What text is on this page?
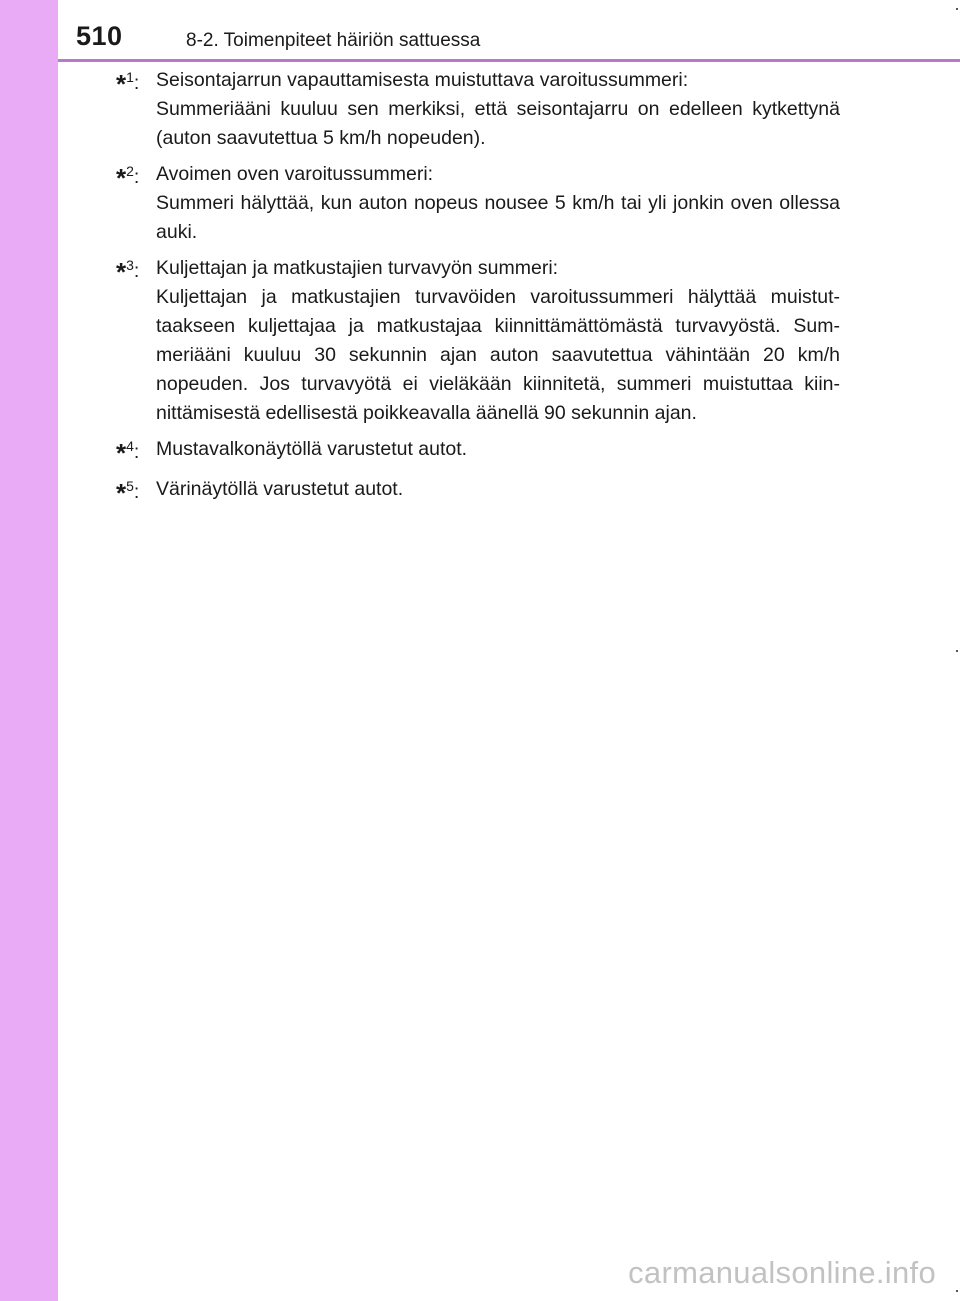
510	8-2. Toimenpiteet häiriön sattuessa
*$^1$: Seisontajarrun vapauttamisesta muistuttava varoitussummeri:
Summeriääni kuuluu sen merkiksi, että seisontajarru on edelleen kytkettynä (auton saavutettua 5 km/h nopeuden).
*$^2$: Avoimen oven varoitussummeri:
Summeri hälyttää, kun auton nopeus nousee 5 km/h tai yli jonkin oven ollessa auki.
*$^3$: Kuljettajan ja matkustajien turvavyön summeri:
Kuljettajan ja matkustajien turvavöiden varoitussummeri hälyttää muistuttaakseen kuljettajaa ja matkustajaa kiinnittämättömästä turvavyöstä. Summeriääni kuuluu 30 sekunnin ajan auton saavutettua vähintään 20 km/h nopeuden. Jos turvavyötä ei vieläkään kiinnitetä, summeri muistuttaa kiinnittämisestä edellisestä poikkeavalla äänellä 90 sekunnin ajan.
*$^4$: Mustavalkonäytöllä varustetut autot.
*$^5$: Värinäytöllä varustetut autot.
carmanualsonline.info
